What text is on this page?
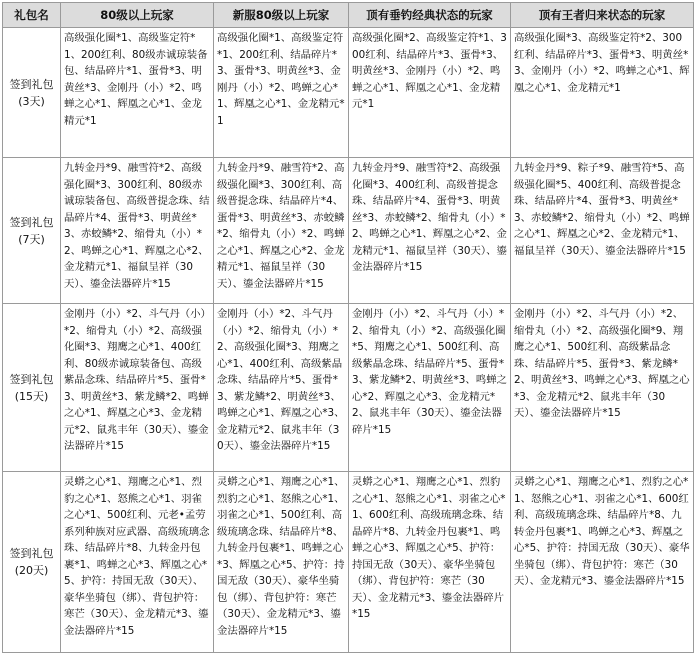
礼包名	80级以上玩家	新服80级以上玩家	顶有垂钓经典状态的玩家	顶有王者归来状态的玩家

签到礼包
(3天)	高级强化圈*1、高级鉴定符*1、200红利、80级赤诚琼装备包、结晶碎片*1、蛋骨*3、明黄丝*3、金刚丹（小）*2、鸣蝉之心*1、辉凰之心*1、金龙精元*1	高级强化圈*1、高级鉴定符*1、200红利、结晶碎片*3、蛋骨*3、明黄丝*3、金刚丹（小）*2、鸣蝉之心*1、辉凰之心*1、金龙精元*1	高级强化圈*2、高级鉴定符*1、300红利、结晶碎片*3、蛋骨*3、明黄丝*3、金刚丹（小）*2、鸣蝉之心*1、辉凰之心*1、金龙精元*1	高级强化圈*3、高级鉴定符*2、300红利、结晶碎片*3、蛋骨*3、明黄丝*3、金刚丹（小）*2、鸣蝉之心*1、辉凰之心*1、金龙精元*1

签到礼包
(7天)	九转金丹*9、融雪符*2、高级强化圈*3、300红利、80级赤诚琼装备包、高级普提念珠、结晶碎片*4、蛋骨*3、明黄丝*3、赤蛟鳞*2、缩骨丸（小）*2、鸣蝉之心*1、辉凰之心*2、金龙精元*1、福鼠呈祥（30天）、鎏金法器碎片*15	九转金丹*9、融雪符*2、高级强化圈*3、300红利、高级普提念珠、结晶碎片*4、蛋骨*3、明黄丝*3、赤蛟鳞*2、缩骨丸（小）*2、鸣蝉之心*1、辉凰之心*2、金龙精元*1、福鼠呈祥（30天）、鎏金法器碎片*15	九转金丹*9、融雪符*2、高级强化圈*3、400红利、高级普提念珠、结晶碎片*4、蛋骨*3、明黄丝*3、赤蛟鳞*2、缩骨丸（小）*2、鸣蝉之心*1、辉凰之心*2、金龙精元*1、福鼠呈祥（30天）、鎏金法器碎片*15	九转金丹*9、粽子*9、融雪符*5、高级强化圈*5、400红利、高级普提念珠、结晶碎片*4、蛋骨*3、明黄丝*3、赤蛟鳞*2、缩骨丸（小）*2、鸣蝉之心*1、辉凰之心*2、金龙精元*1、福鼠呈祥（30天）、鎏金法器碎片*15

签到礼包
(15天)	金刚丹（小）*2、斗气丹（小）*2、缩骨丸（小）*2、高级强化圈*3、翔鹰之心*1、400红利、80级赤诚琼装备包、高级紫晶念珠、结晶碎片*5、蛋骨*3、明黄丝*3、紫龙鳞*2、鸣蝉之心*1、辉凰之心*3、金龙精元*2、鼠兆丰年（30天）、鎏金法器碎片*15	金刚丹（小）*2、斗气丹（小）*2、缩骨丸（小）*2、高级强化圈*3、翔鹰之心*1、400红利、高级紫晶念珠、结晶碎片*5、蛋骨*3、紫龙鳞*2、明黄丝*3、鸣蝉之心*1、辉凰之心*3、金龙精元*2、鼠兆丰年（30天）、鎏金法器碎片*15	金刚丹（小）*2、斗气丹（小）*2、缩骨丸（小）*2、高级强化圈*5、翔鹰之心*1、500红利、高级紫晶念珠、结晶碎片*5、蛋骨*3、紫龙鳞*2、明黄丝*3、鸣蝉之心*2、辉凰之心*3、金龙精元*2、鼠兆丰年（30天）、鎏金法器碎片*15	金刚丹（小）*2、斗气丹（小）*2、缩骨丸（小）*2、高级强化圈*9、翔鹰之心*1、500红利、高级紫晶念珠、结晶碎片*5、蛋骨*3、紫龙鳞*2、明黄丝*3、鸣蝉之心*3、辉凰之心*3、金龙精元*2、鼠兆丰年（30天）、鎏金法器碎片*15

签到礼包
(20天)	灵蟒之心*1、翔鹰之心*1、烈豹之心*1、怒熊之心*1、羽雀之心*1、500红利、元老•孟劳系列种族对应武器、高级琉璃念珠、结晶碎片*8、九转金丹包裹*1、鸣蝉之心*3、辉凰之心*5、护符：持国无敌（30天）、豪华坐骑包（绑）、背包护符：寒芒（30天）、金龙精元*3、鎏金法器碎片*15	灵蟒之心*1、翔鹰之心*1、烈豹之心*1、怒熊之心*1、羽雀之心*1、500红利、高级琉璃念珠、结晶碎片*8、九转金丹包裹*1、鸣蝉之心*3、辉凰之心*5、护符：持国无敌（30天）、豪华坐骑包（绑）、背包护符：寒芒（30天）、金龙精元*3、鎏金法器碎片*15	灵蟒之心*1、翔鹰之心*1、烈豹之心*1、怒熊之心*1、羽雀之心*1、600红利、高级琉璃念珠、结晶碎片*8、九转金丹包裹*1、鸣蝉之心*3、辉凰之心*5、护符：持国无敌（30天）、豪华坐骑包（绑）、背包护符：寒芒（30天）、金龙精元*3、鎏金法器碎片*15	灵蟒之心*1、翔鹰之心*1、烈豹之心*1、怒熊之心*1、羽雀之心*1、600红利、高级琉璃念珠、结晶碎片*8、九转金丹包裹*1、鸣蝉之心*3、辉凰之心*5、护符：持国无敌（30天）、豪华坐骑包（绑）、背包护符：寒芒（30天）、金龙精元*3、鎏金法器碎片*15
